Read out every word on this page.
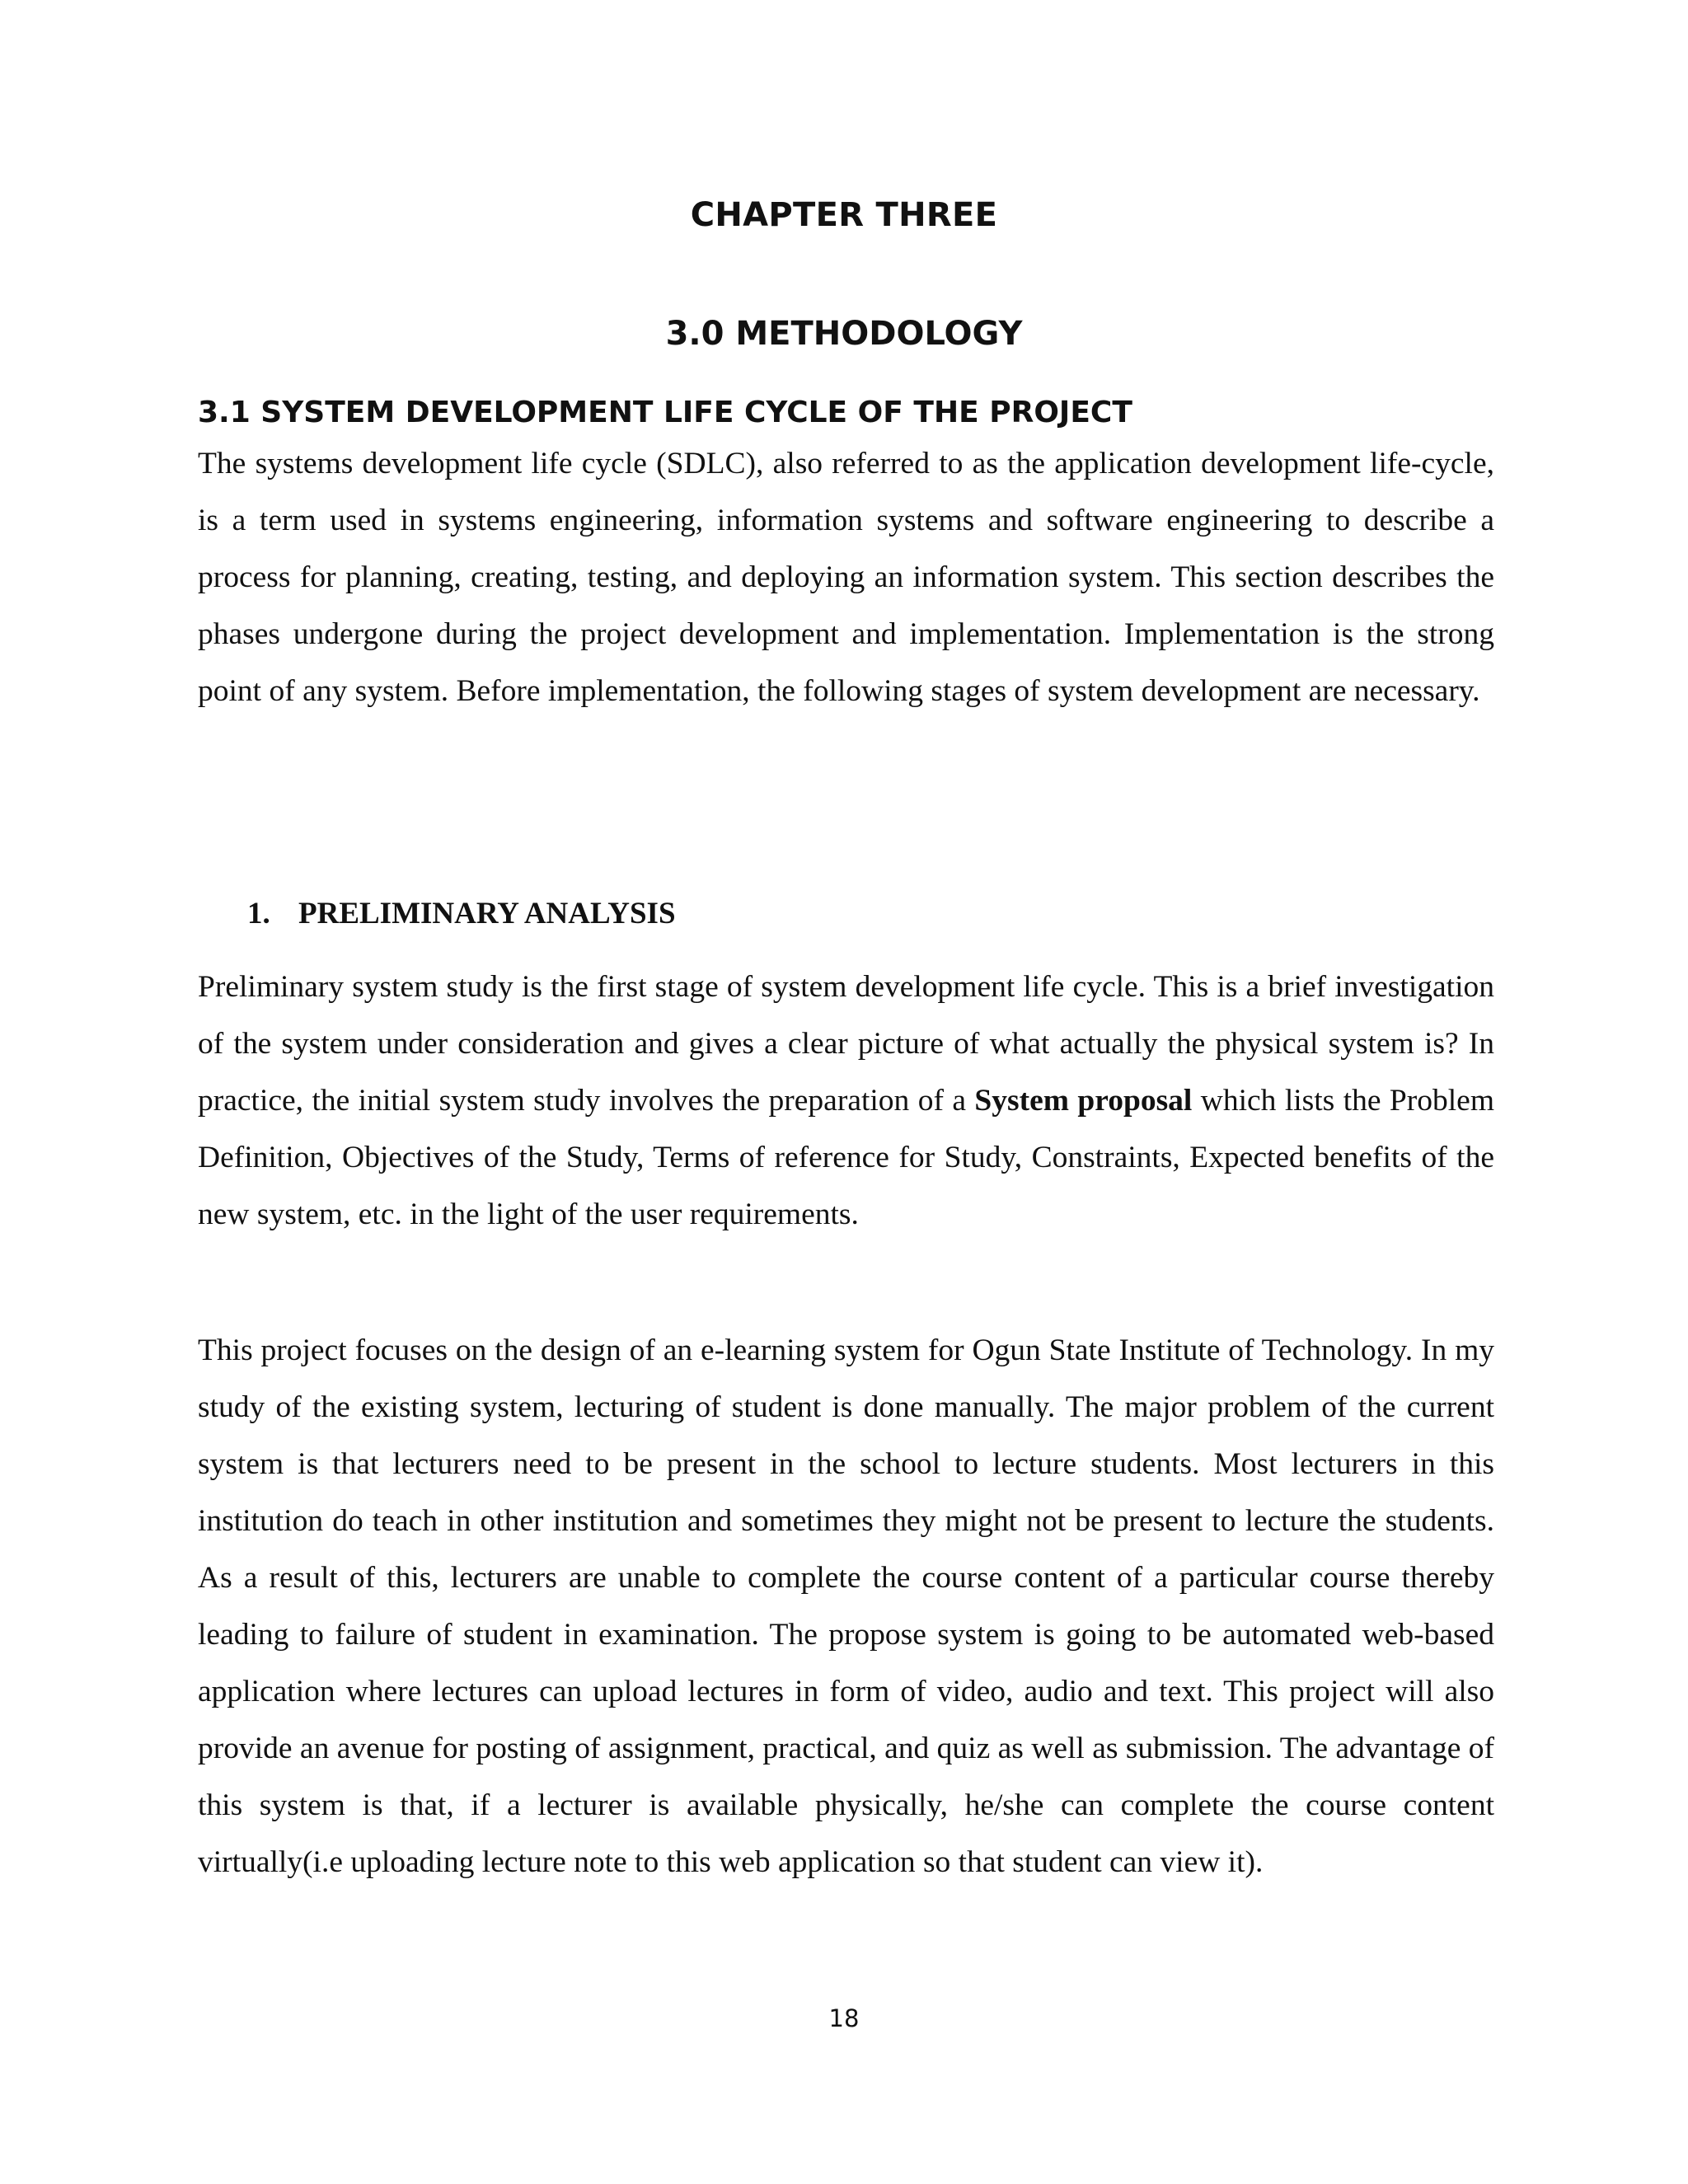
CHAPTER THREE
3.0 METHODOLOGY
3.1 SYSTEM DEVELOPMENT LIFE CYCLE OF THE PROJECT

The systems development life cycle (SDLC), also referred to as the application development life-cycle, is a term used in systems engineering, information systems and software engineering to describe a process for planning, creating, testing, and deploying an information system. This section describes the phases undergone during the project development and implementation. Implementation is the strong point of any system. Before implementation, the following stages of system development are necessary.

1. PRELIMINARY ANALYSIS

Preliminary system study is the first stage of system development life cycle. This is a brief investigation of the system under consideration and gives a clear picture of what actually the physical system is? In practice, the initial system study involves the preparation of a System proposal which lists the Problem Definition, Objectives of the Study, Terms of reference for Study, Constraints, Expected benefits of the new system, etc. in the light of the user requirements.

This project focuses on the design of an e-learning system for Ogun State Institute of Technology. In my study of the existing system, lecturing of student is done manually. The major problem of the current system is that lecturers need to be present in the school to lecture students. Most lecturers in this institution do teach in other institution and sometimes they might not be present to lecture the students. As a result of this, lecturers are unable to complete the course content of a particular course thereby leading to failure of student in examination. The propose system is going to be automated web-based application where lectures can upload lectures in form of video, audio and text. This project will also provide an avenue for posting of assignment, practical, and quiz as well as submission. The advantage of this system is that, if a lecturer is available physically, he/she can complete the course content virtually(i.e uploading lecture note to this web application so that student can view it).

18
